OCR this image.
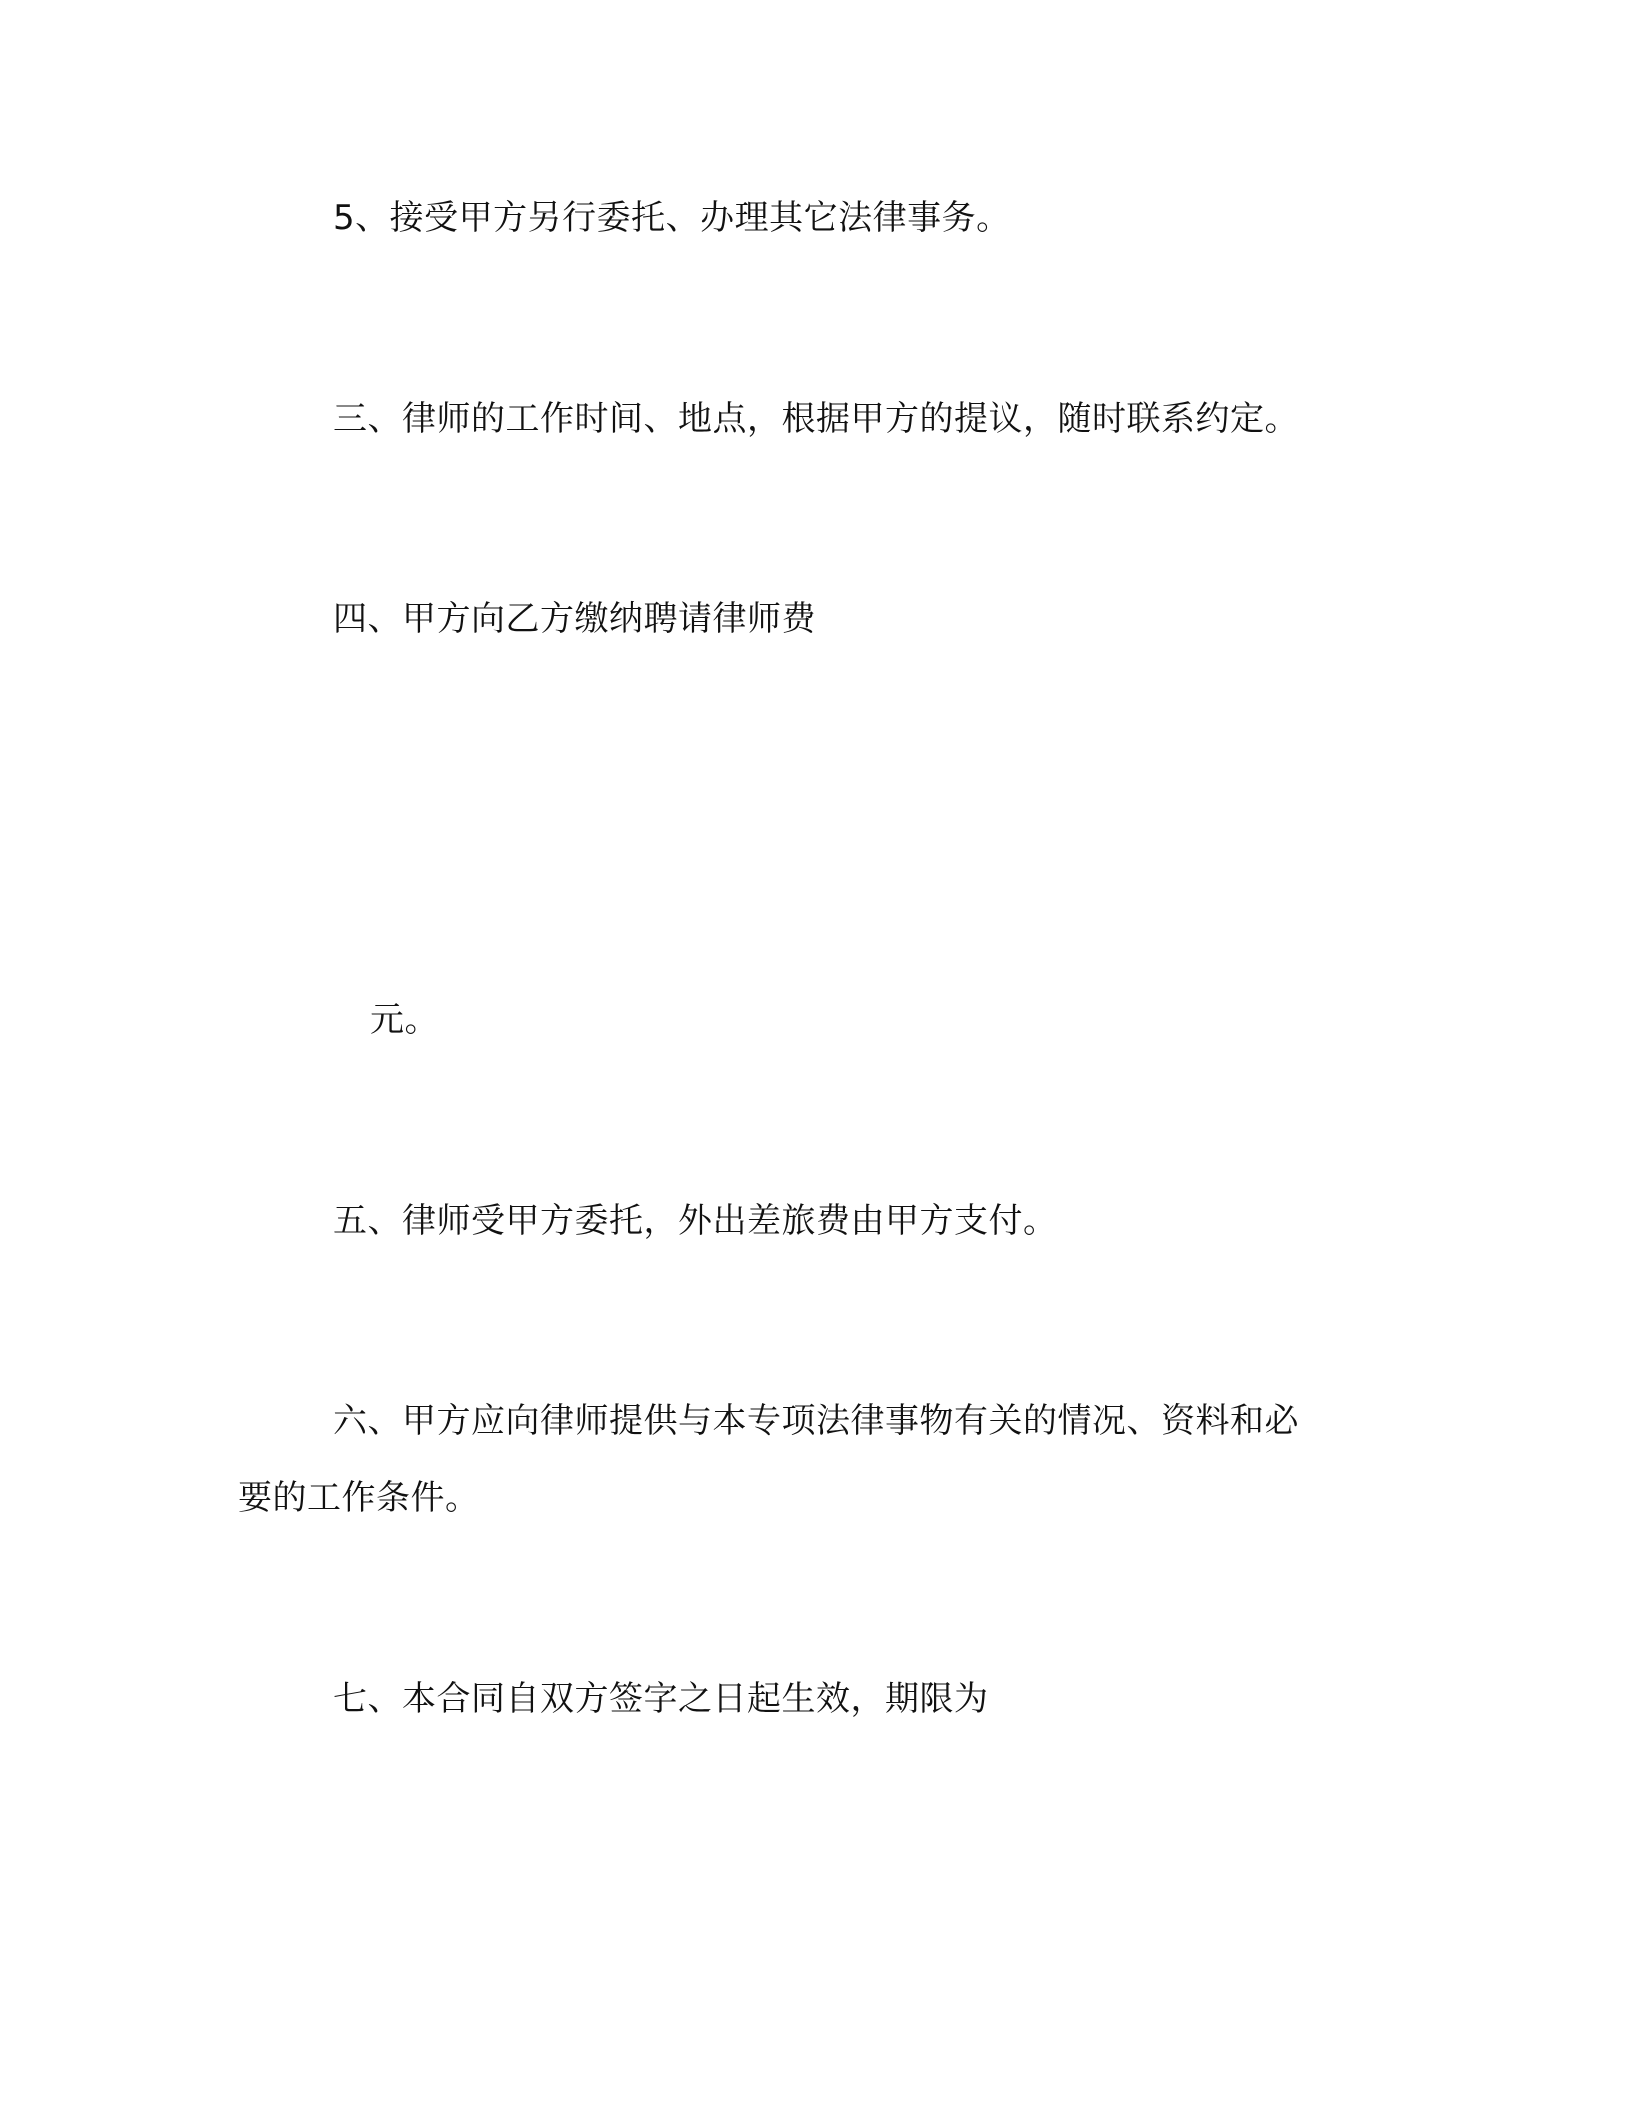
5、接受甲方另行委托、办理其它法律事务。
三、律师的工作时间、地点，根据甲方的提议，随时联系约定。
四、甲方向乙方缴纳聘请律师费
元。
五、律师受甲方委托，外出差旅费由甲方支付。
六、甲方应向律师提供与本专项法律事物有关的情况、资料和必
要的工作条件。
七、本合同自双方签字之日起生效，期限为
